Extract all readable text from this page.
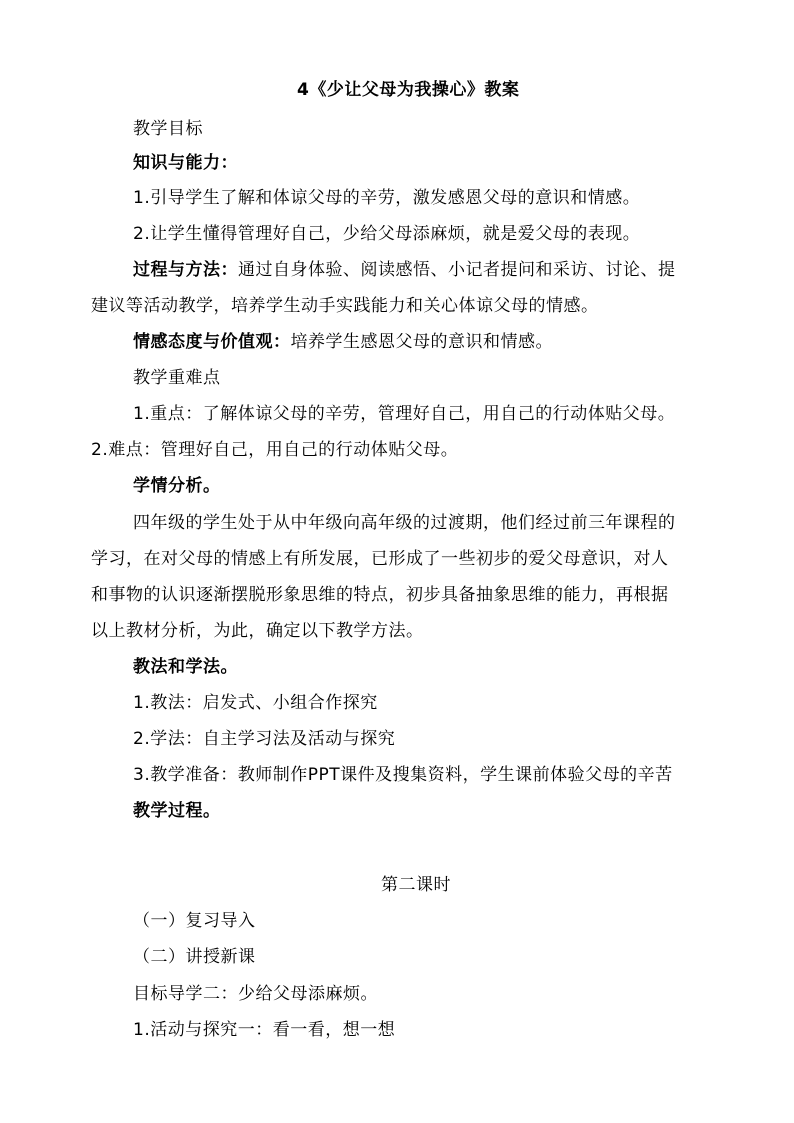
4《少让父母为我操心》教案

教学目标

知识与能力：

1.引导学生了解和体谅父母的辛劳，激发感恩父母的意识和情感。

2.让学生懂得管理好自己，少给父母添麻烦，就是爱父母的表现。

过程与方法：通过自身体验、阅读感悟、小记者提问和采访、讨论、提

建议等活动教学，培养学生动手实践能力和关心体谅父母的情感。

情感态度与价值观：培养学生感恩父母的意识和情感。

教学重难点

1.重点：了解体谅父母的辛劳，管理好自己，用自己的行动体贴父母。

2.难点：管理好自己，用自己的行动体贴父母。

学情分析。

四年级的学生处于从中年级向高年级的过渡期，他们经过前三年课程的

学习，在对父母的情感上有所发展，已形成了一些初步的爱父母意识，对人

和事物的认识逐渐摆脱形象思维的特点，初步具备抽象思维的能力，再根据

以上教材分析，为此，确定以下教学方法。

教法和学法。

1.教法：启发式、小组合作探究

2.学法：自主学习法及活动与探究

3.教学准备：教师制作PPT课件及搜集资料，学生课前体验父母的辛苦

教学过程。

第二课时

（一）复习导入

（二）讲授新课

目标导学二：少给父母添麻烦。

1.活动与探究一：看一看，想一想
